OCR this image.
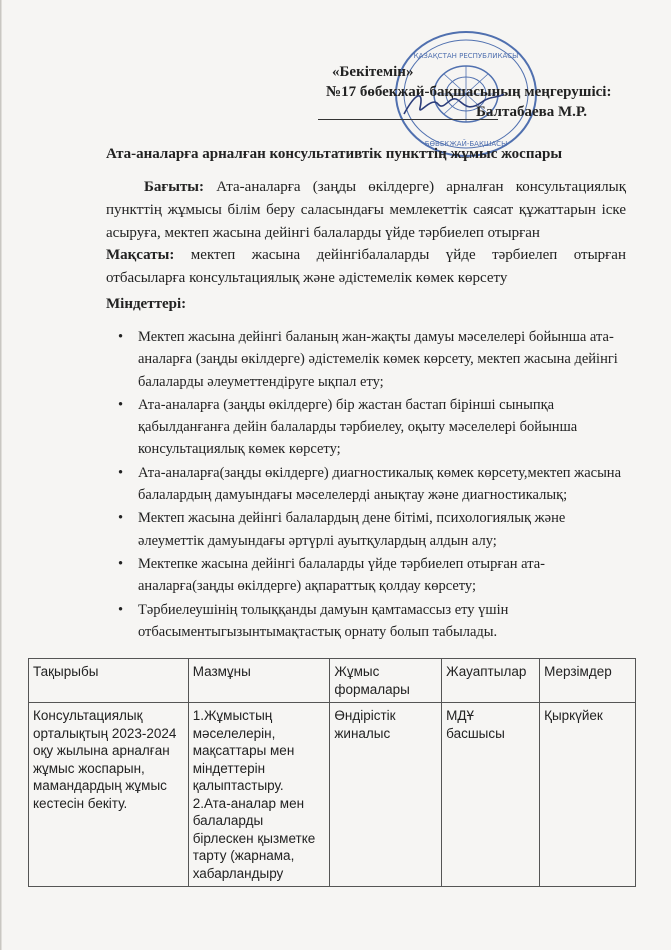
ҚАЗАҚСТАН РЕСПУБЛИКАСЫ
БӨБЕКЖАЙ-БАҚШАСЫ
«Бекітемін»
№17 бөбекжай-бақшасының меңгерушісі:
Балтабаева М.Р.
Ата-аналарға арналған консультативтік пункттің жұмыс жоспары
Бағыты: Ата-аналарға (заңды өкілдерге) арналған консультациялық пункттің жұмысы білім беру саласындағы мемлекеттік саясат құжаттарын іске асыруға, мектеп жасына дейінгі балаларды үйде тәрбиелеп отырған
Мақсаты: мектеп жасына дейінгібалаларды үйде тәрбиелеп отырған отбасыларға консультациялық және әдістемелік көмек көрсету
Міндеттері:
• Мектеп жасына дейінгі баланың жан-жақты дамуы мәселелері бойынша ата-аналарға (заңды өкілдерге) әдістемелік көмек көрсету, мектеп жасына дейінгі балаларды әлеуметтендіруге ықпал ету;
• Ата-аналарға (заңды өкілдерге) бір жастан бастап бірінші сыныпқа қабылданғанға дейін балаларды тәрбиелеу, оқыту мәселелері бойынша консультациялық көмек көрсету;
• Ата-аналарға(заңды өкілдерге) диагностикалық көмек көрсету,мектеп жасына балалардың дамуындағы мәселелерді анықтау және диагностикалық;
• Мектеп жасына дейінгі балалардың дене бітімі, психологиялық және әлеуметтік дамуындағы әртүрлі ауытқулардың алдын алу;
• Мектепке жасына дейінгі балаларды үйде тәрбиелеп отырған ата-аналарға(заңды өкілдерге) ақпараттық қолдау көрсету;
• Тәрбиелеушінің толыққанды дамуын қамтамассыз ету үшін отбасыментыгызынтымақтастық орнату болып табылады.
Тақырыбы	Мазмұны	Жұмыс формалары	Жауаптылар	Мерзімдер
Консультациялық орталықтың 2023-2024 оқу жылына арналған жұмыс жоспарын, мамандардың жұмыс кестесін бекіту.	1.Жұмыстың мәселелерін, мақсаттары мен міндеттерін қалыптастыру. 2.Ата-аналар мен балаларды бірлескен қызметке тарту (жарнама, хабарландыру	Өндірістік жиналыс	МДҰ басшысы	Қыркүйек
